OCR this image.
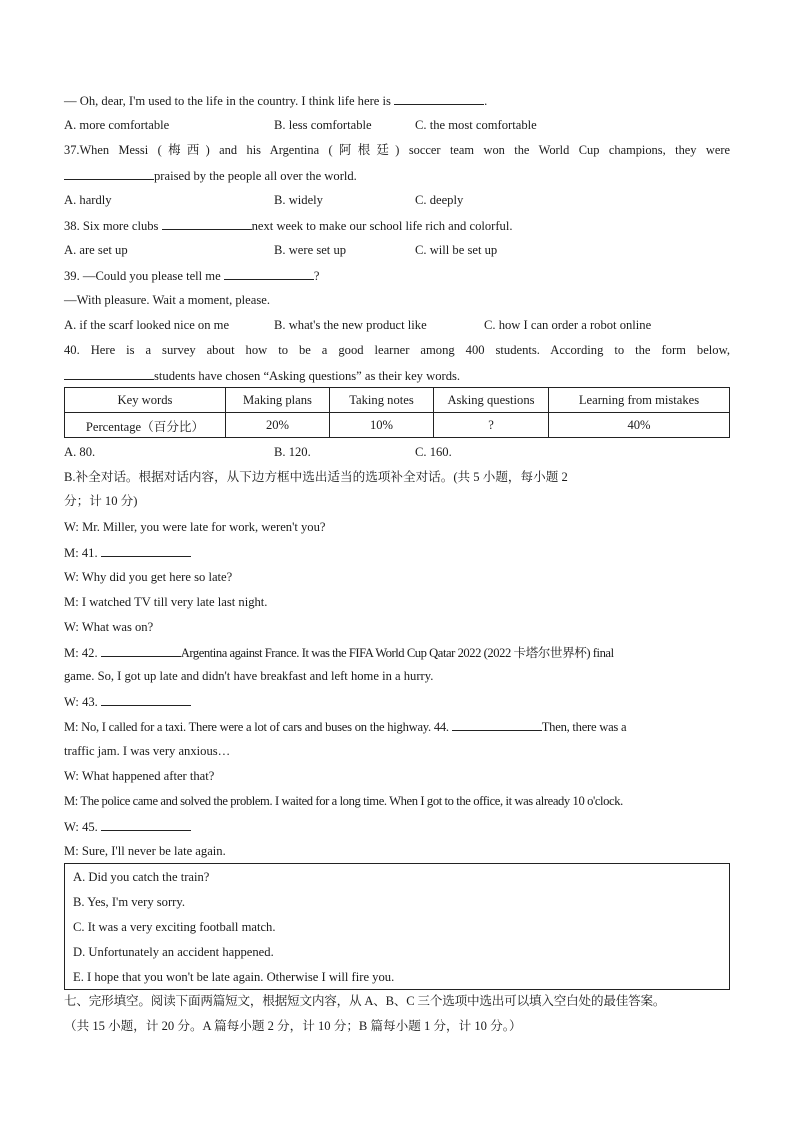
— Oh, dear, I'm used to the life in the country. I think life here is	.
A. more comfortable	B. less comfortable	C. the most comfortable
37.When Messi (梅西) and his Argentina (阿根廷) soccer team won the World Cup champions, they were
praised by the people all over the world.
A. hardly	B. widely	C. deeply
38. Six more clubs	next week to make our school life rich and colorful.
A. are set up	B. were set up	C. will be set up
39. —Could you please tell me	?
—With pleasure. Wait a moment, please.
A. if the scarf looked nice on me	B. what's the new product like	C. how I can order a robot online
40. Here is a survey about how to be a good learner among 400 students. According to the form below,
students have chosen “Asking questions” as their key words.
Key words	Making plans	Taking notes	Asking questions	Learning from mistakes
Percentage（百分比）	20%	10%	?	40%
A. 80.	B. 120.	C. 160.
B.补全对话。根据对话内容，从下边方框中选出适当的选项补全对话。(共 5 小题，每小题 2
分；计 10 分)
W: Mr. Miller, you were late for work, weren't you?
M: 41.
W: Why did you get here so late?
M: I watched TV till very late last night.
W: What was on?
M: 42.	Argentina against France. It was the FIFA World Cup Qatar 2022 (2022 卡塔尔世界杯) final
game. So, I got up late and didn't have breakfast and left home in a hurry.
W: 43.
M: No, I called for a taxi. There were a lot of cars and buses on the highway. 44.	Then, there was a
traffic jam. I was very anxious…
W: What happened after that?
M: The police came and solved the problem. I waited for a long time. When I got to the office, it was already 10 o'clock.
W: 45.
M: Sure, I'll never be late again.
A. Did you catch the train?
B. Yes, I'm very sorry.
C. It was a very exciting football match.
D. Unfortunately an accident happened.
E. I hope that you won't be late again. Otherwise I will fire you.
七、完形填空。阅读下面两篇短文，根据短文内容，从 A、B、C 三个选项中选出可以填入空白处的最佳答案。
（共 15 小题，计 20 分。A 篇每小题 2 分，计 10 分；B 篇每小题 1 分，计 10 分。）
